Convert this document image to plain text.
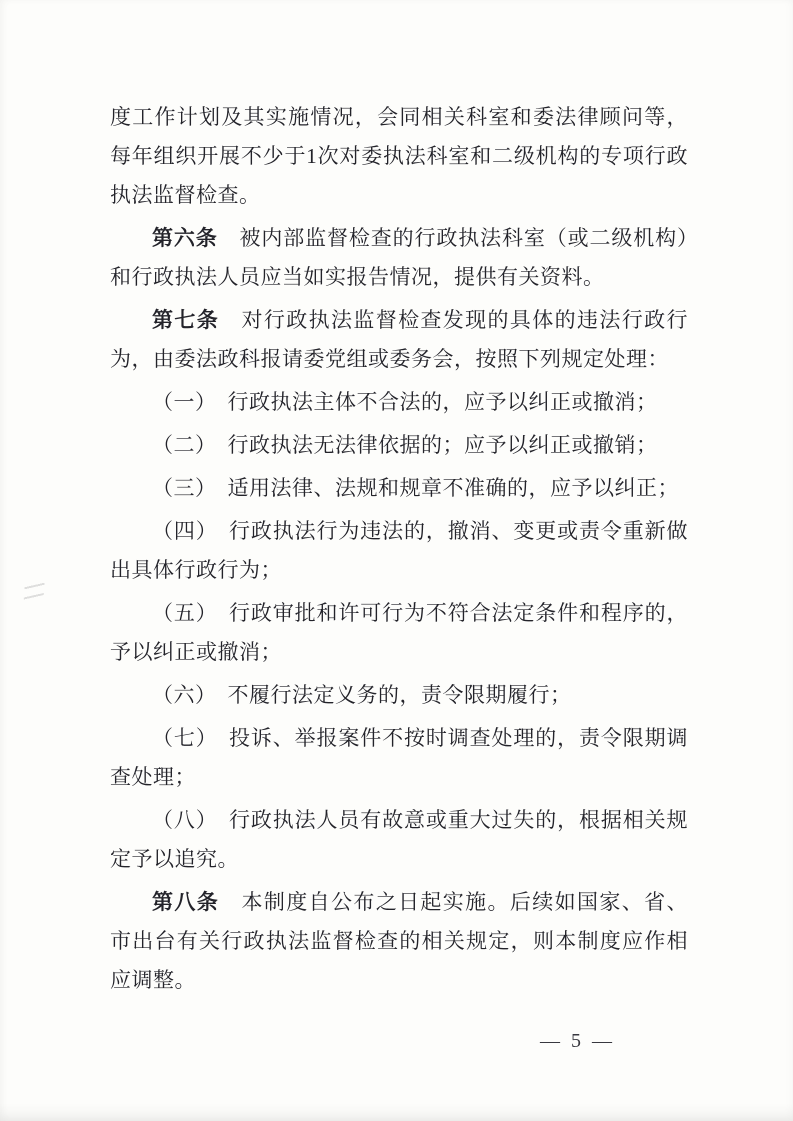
度工作计划及其实施情况，会同相关科室和委法律顾问等，每年组织开展不少于1次对委执法科室和二级机构的专项行政执法监督检查。

第六条　被内部监督检查的行政执法科室（或二级机构）和行政执法人员应当如实报告情况，提供有关资料。

第七条　对行政执法监督检查发现的具体的违法行政行为，由委法政科报请委党组或委务会，按照下列规定处理：

（一）　行政执法主体不合法的，应予以纠正或撤消；

（二）　行政执法无法律依据的；应予以纠正或撤销；

（三）　适用法律、法规和规章不准确的，应予以纠正；

（四）　行政执法行为违法的，撤消、变更或责令重新做出具体行政行为；

（五）　行政审批和许可行为不符合法定条件和程序的，予以纠正或撤消；

（六）　不履行法定义务的，责令限期履行；

（七）　投诉、举报案件不按时调查处理的，责令限期调查处理；

（八）　行政执法人员有故意或重大过失的，根据相关规定予以追究。

第八条　本制度自公布之日起实施。后续如国家、省、市出台有关行政执法监督检查的相关规定，则本制度应作相应调整。

— 5 —
